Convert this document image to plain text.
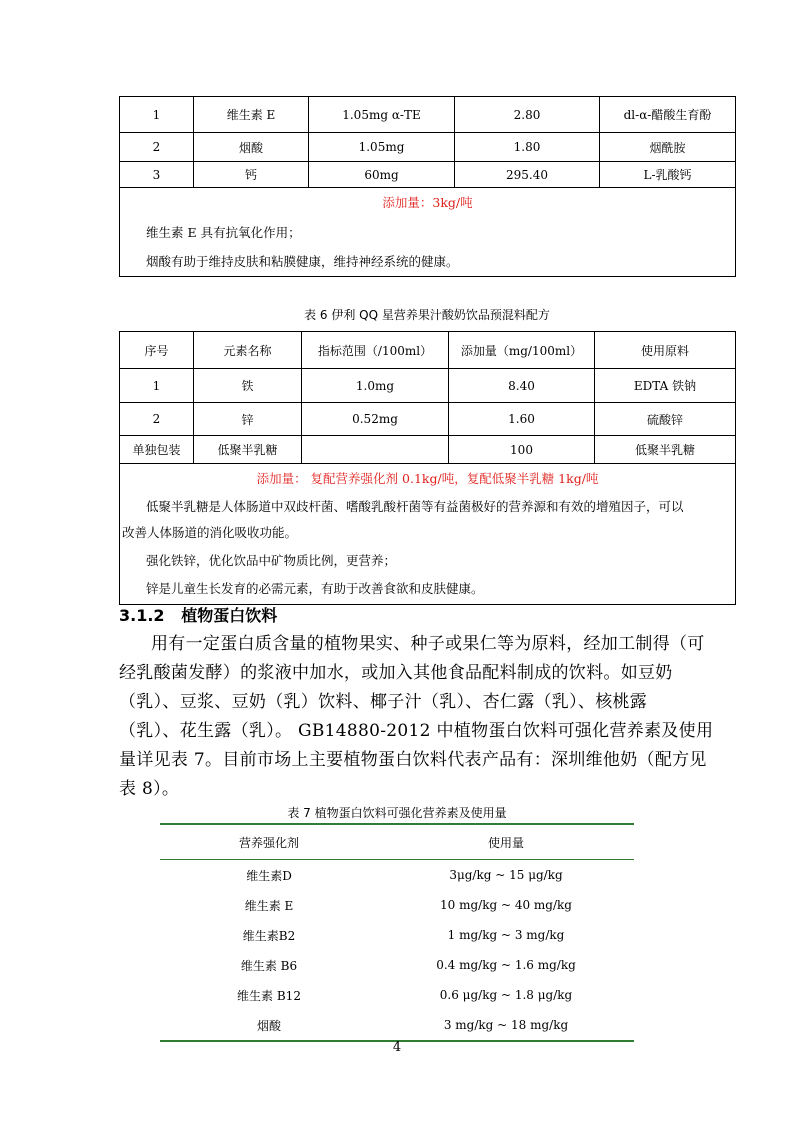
1	维生素 E	1.05mg α-TE	2.80	dl-α-醋酸生育酚
2	烟酸	1.05mg	1.80	烟酰胺
3	钙	60mg	295.40	L-乳酸钙

添加量：3kg/吨
维生素 E 具有抗氧化作用；
烟酸有助于维持皮肤和粘膜健康，维持神经系统的健康。				
表 6 伊利 QQ 星营养果汁酸奶饮品预混料配方
序号	元素名称	指标范围（/100ml）	添加量（mg/100ml）	使用原料
1	铁	1.0mg	8.40	EDTA 铁钠
2	锌	0.52mg	1.60	硫酸锌
单独包装	低聚半乳糖		100	低聚半乳糖

添加量： 复配营养强化剂 0.1kg/吨，复配低聚半乳糖 1kg/吨
低聚半乳糖是人体肠道中双歧杆菌、嗜酸乳酸杆菌等有益菌极好的营养源和有效的增殖因子，可以
改善人体肠道的消化吸收功能。
强化铁锌，优化饮品中矿物质比例，更营养；
锌是儿童生长发育的必需元素，有助于改善食欲和皮肤健康。				
3.1.2 植物蛋白饮料
用有一定蛋白质含量的植物果实、种子或果仁等为原料，经加工制得（可
经乳酸菌发酵）的浆液中加水，或加入其他食品配料制成的饮料。如豆奶
（乳）、豆浆、豆奶（乳）饮料、椰子汁（乳）、杏仁露（乳）、核桃露
（乳）、花生露（乳）。 GB14880-2012 中植物蛋白饮料可强化营养素及使用
量详见表 7。目前市场上主要植物蛋白饮料代表产品有：深圳维他奶（配方见
表 8）。
表 7 植物蛋白饮料可强化营养素及使用量
营养强化剂	使用量
维生素D	3μg/kg ~ 15 μg/kg
维生素 E	10 mg/kg ~ 40 mg/kg
维生素B2	1 mg/kg ~ 3 mg/kg
维生素 B6	0.4 mg/kg ~ 1.6 mg/kg
维生素 B12	0.6 μg/kg ~ 1.8 μg/kg
烟酸	3 mg/kg ~ 18 mg/kg
4
